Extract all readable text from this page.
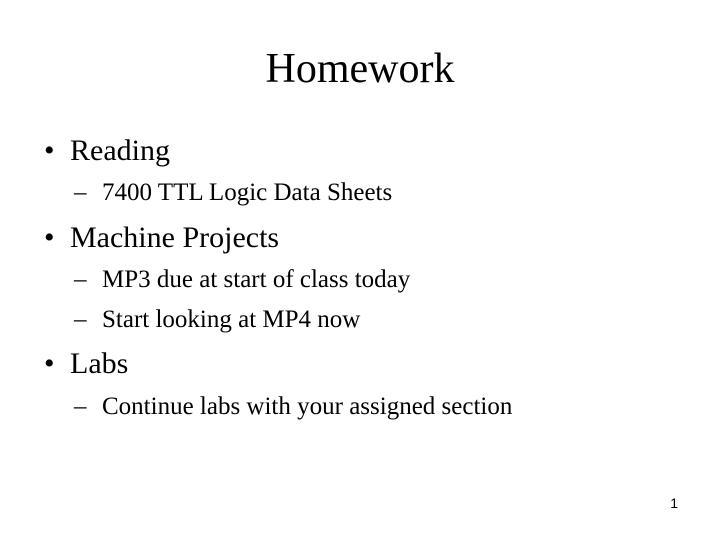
Homework
• Reading
– 7400 TTL Logic Data Sheets
• Machine Projects
– MP3 due at start of class today
– Start looking at MP4 now
• Labs
– Continue labs with your assigned section
1
